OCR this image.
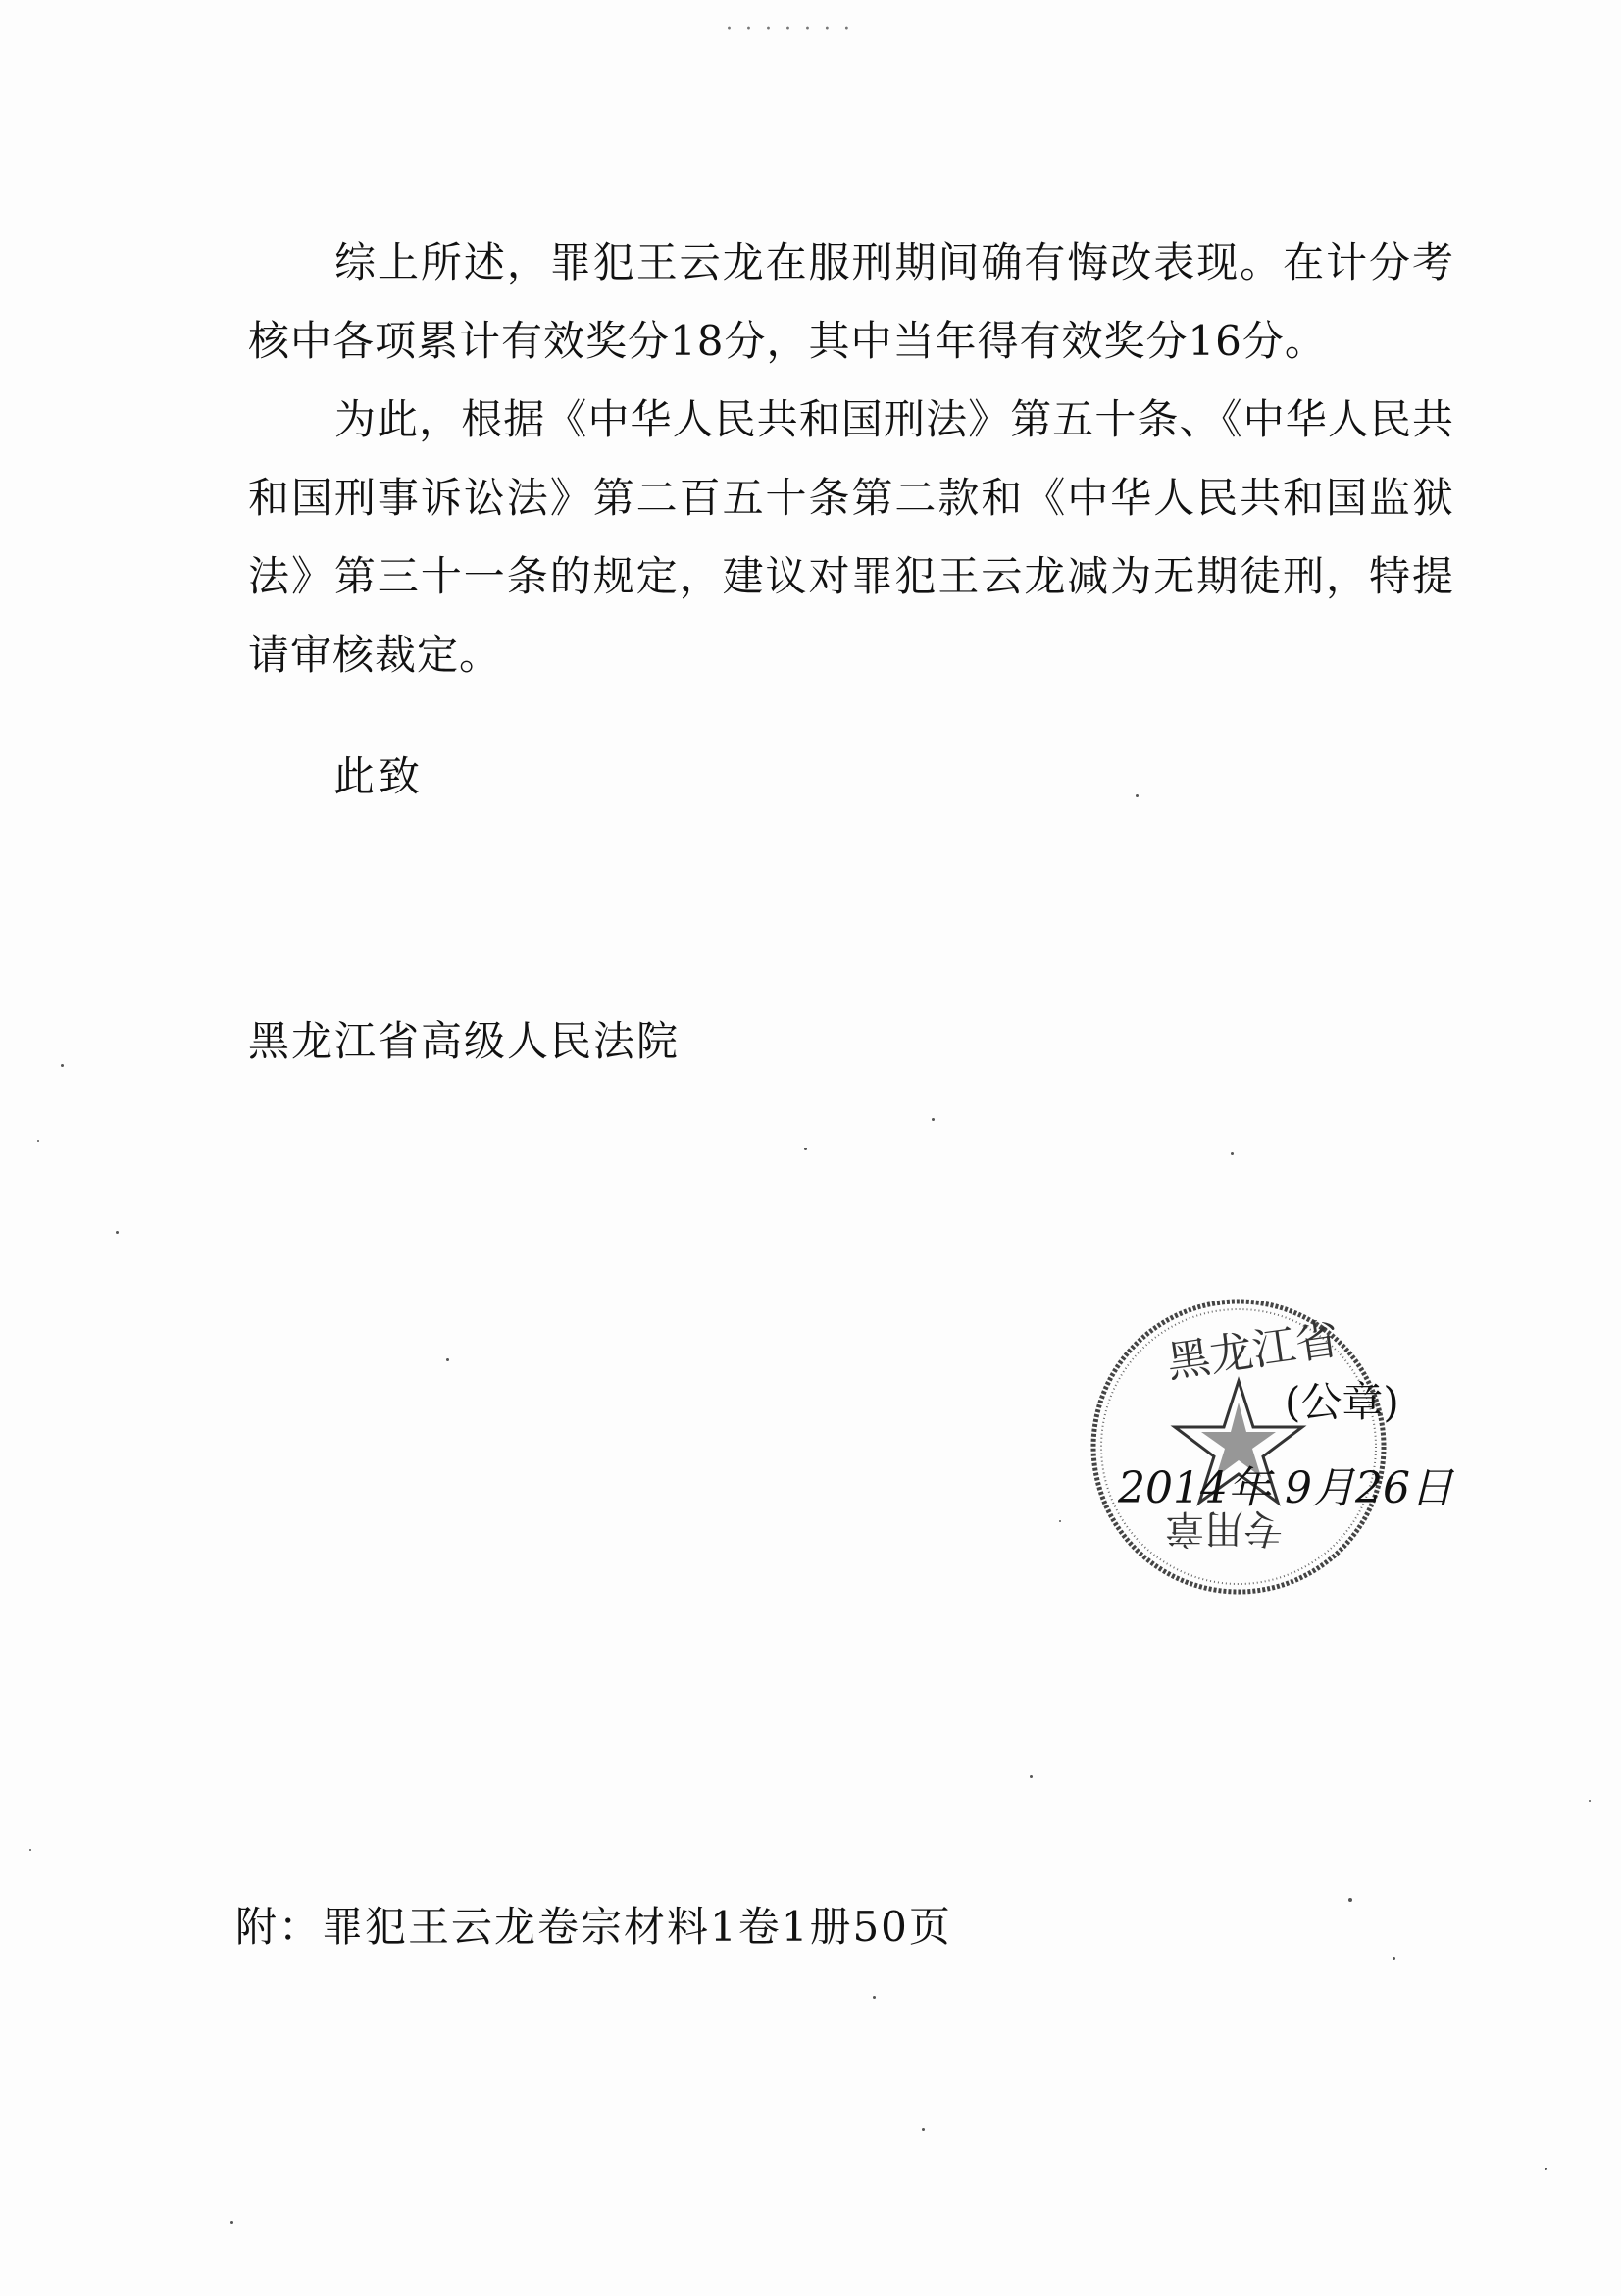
· · · · · · ·

综上所述，罪犯王云龙在服刑期间确有悔改表现。在计分考核中各项累计有效奖分18分，其中当年得有效奖分16分。

为此，根据《中华人民共和国刑法》第五十条、《中华人民共和国刑事诉讼法》第二百五十条第二款和《中华人民共和国监狱法》第三十一条的规定，建议对罪犯王云龙减为无期徒刑，特提请审核裁定。

此致
黑龙江省高级人民法院
黑龙江省
专用章
(公章)
2014年 9月26日
附：罪犯王云龙卷宗材料1卷1册50页
